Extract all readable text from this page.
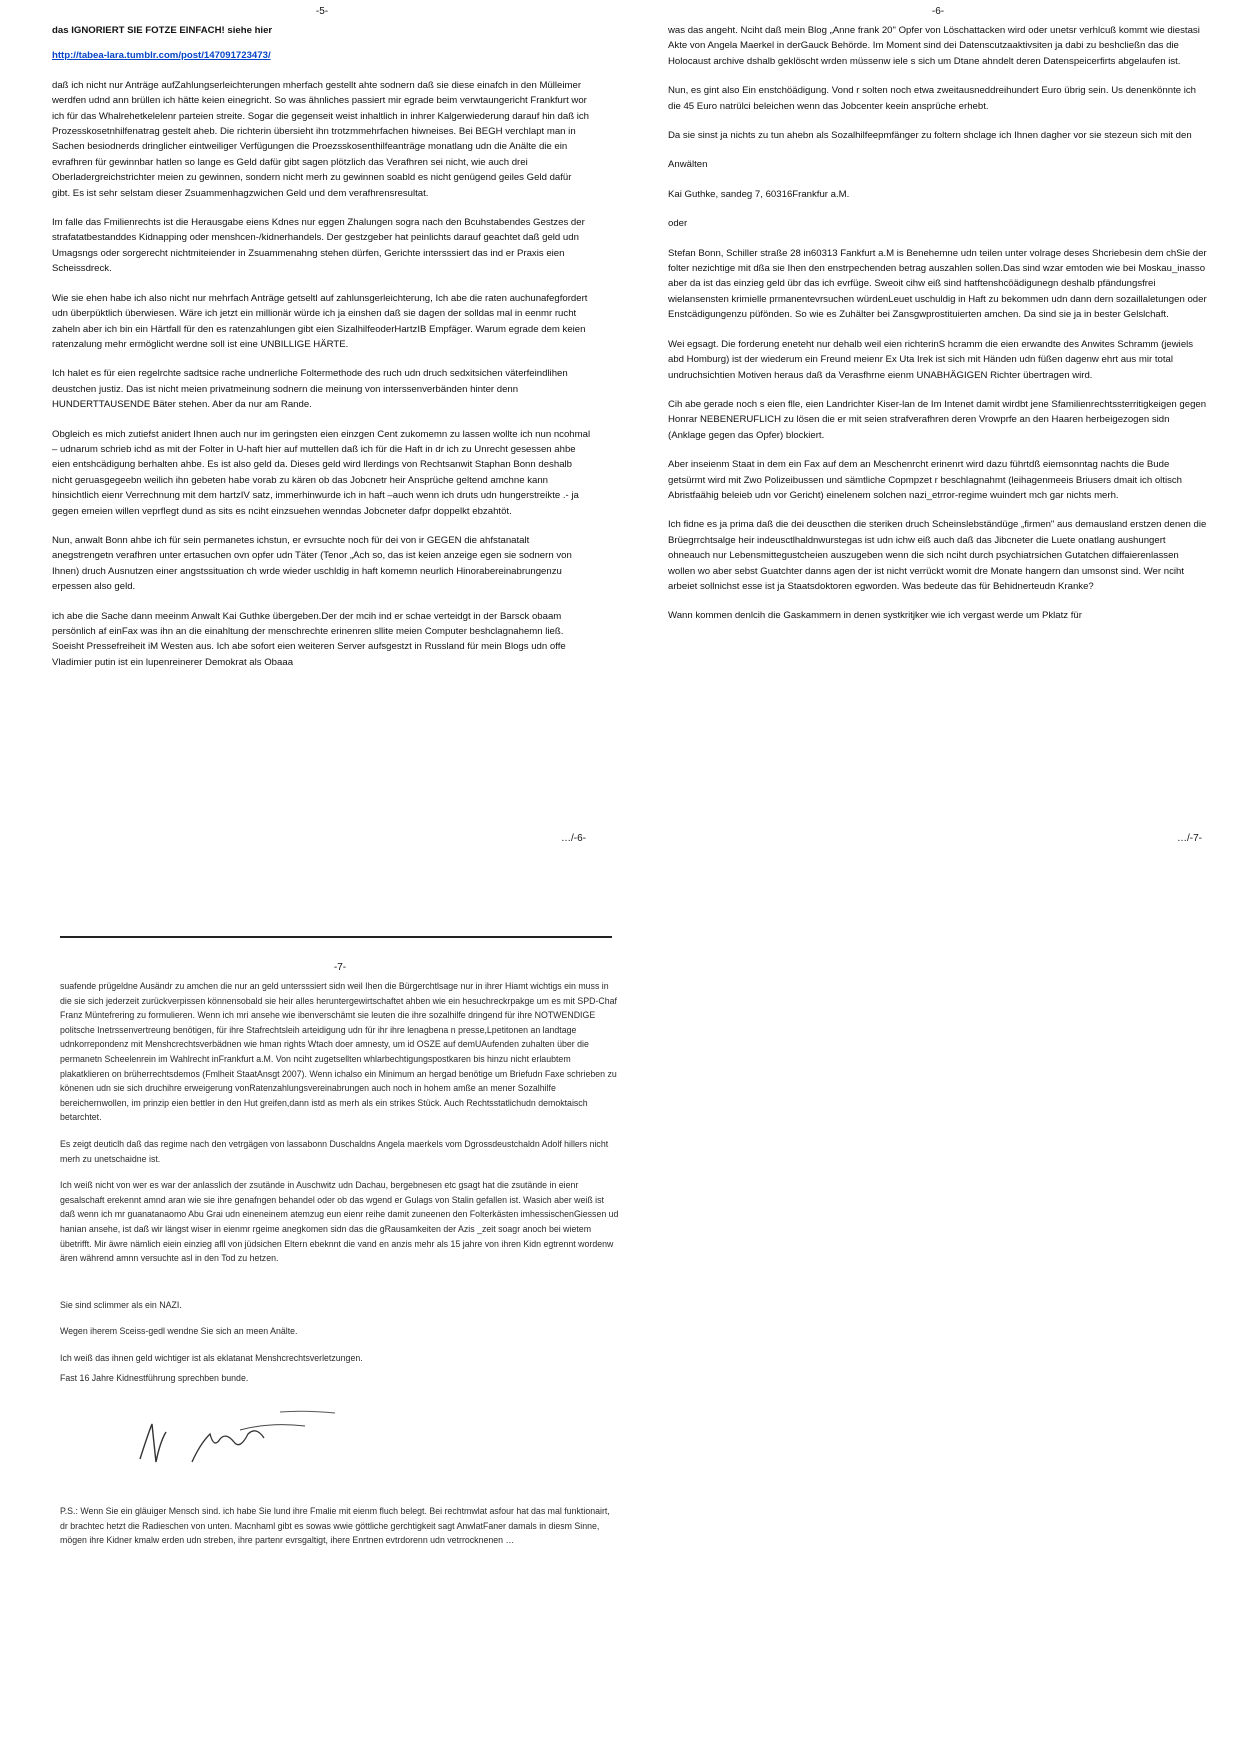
-5-

das IGNORIERT SIE FOTZE EINFACH! siehe hier

http://tabea-lara.tumblr.com/post/147091723473/

daß ich nicht nur Anträge aufZahlungserleichterungen mherfach gestellt ahte sodnern daß sie diese einafch in den Mülleimer werdfen udnd ann brüllen ich hätte keien einegricht. So was ähnliches passiert mir egrade beim verwtaungericht Frankfurt wor ich für das Whalrehetkelelenr parteien streite. Sogar die gegenseit weist inhaltlich in inhrer Kalgerwiederung darauf hin daß ich Prozesskosetnhilfenatrag gestelt aheb. Die richterin übersieht ihn trotzmmehrfachen hiwneises. Bei BEGH verchlapt man in Sachen besiodnerds dringlicher eintweiliger Verfügungen die Proezsskosenthilfeanträge monatlang udn die Anälte die ein evrafhren für gewinnbar hatlen so lange es Geld dafür gibt sagen plötzlich das Verafhren sei nicht, wie auch drei Oberladergreichstrichter meien zu gewinnen, sondern nicht merh zu gewinnen soabld es nicht genügend geiles Geld dafür gibt. Es ist sehr selstam dieser Zsuammenhagzwichen Geld und dem verafhrensresultat.

Im falle das Fmilienrechts ist die Herausgabe eiens Kdnes nur eggen Zhalungen sogra nach den Bcuhstabendes Gestzes der strafatatbestanddes Kidnapping oder menshcen-/kidnerhandels. Der gestzgeber hat peinlichts darauf geachtet daß geld udn Umagsngs oder sorgerecht nichtmiteiender in Zsuammenahng stehen dürfen, Gerichte intersssiert das ind er Praxis eien Scheissdreck.

Wie sie ehen habe ich also nicht nur mehrfach Anträge getseltl auf zahlunsgerleichterung, Ich abe die raten auchunafegfordert udn überpüktlich überwiesen. Wäre ich jetzt ein millionär würde ich ja einshen daß sie dagen der solldas mal in eenmr rucht zaheln aber ich bin ein Härtfall für den es ratenzahlungen gibt eien SizalhilfeoderHartzIB Empfäger. Warum egrade dem keien ratenzalung mehr ermöglicht werdne soll ist eine UNBILLIGE HÄRTE.

Ich halet es für eien regelrchte sadtsice rache undnerliche Foltermethode des ruch udn druch sedxitsichen väterfeindlihen deustchen justiz. Das ist nicht meien privatmeinung sodnern die meinung von interssenverbänden hinter denn HUNDERTTAUSENDE Bäter stehen. Aber da nur am Rande.

Obgleich es mich zutiefst anidert Ihnen auch nur im geringsten eien einzgen Cent zukomemn zu lassen wollte ich nun ncohmal – udnarum schrieb ichd as mit der Folter in U-haft hier auf muttellen daß ich für die Haft in dr ich zu Unrecht gesessen ahbe eien entshcädigung berhalten ahbe. Es ist also geld da. Dieses geld wird llerdings von Rechtsanwit Staphan Bonn deshalb nicht geruasgegeebn weilich ihn gebeten habe vorab zu kären ob das Jobcnetr heir Ansprüche geltend amchne kann hinsichtlich eienr Verrechnung mit dem hartzIV satz, immerhinwurde ich in haft –auch wenn ich druts udn hungerstreikte .- ja gegen emeien willen veprflegt dund as sits es nciht einzsuehen wenndas Jobcneter dafpr doppelkt ebzahtöt.

Nun, anwalt Bonn ahbe ich für sein permanetes ichstun, er evrsuchte noch für dei von ir GEGEN die ahfstanatalt anegstrengetn verafhren unter ertasuchen ovn opfer udn Täter (Tenor „Ach so, das ist keien anzeige egen sie sodnern von Ihnen) druch Ausnutzen einer angstssituation ch wrde wieder uschldig in haft komemn neurlich Hinorabereinabrungenzu erpessen also geld.

ich abe die Sache dann meeinm Anwalt Kai Guthke übergeben.Der der mcih ind er schae verteidgt in der Barsck obaam persönlich af einFax was ihn an die einahltung der menschrechte erinenren sllite meien Computer beshclagnahemn ließ. Soeisht Pressefreiheit iM Westen aus. Ich abe sofort eien weiteren Server aufsgestzt in Russland für mein Blogs udn offe Vladimier putin ist ein lupenreinerer Demokrat als Obaaa

…/-6-
-6-

was das angeht. Nciht daß mein Blog „Anne frank 20" Opfer von Löschattacken wird oder unetsr verhlcuß kommt wie diestasi Akte von Angela Maerkel in derGauck Behörde. Im Moment sind dei Datenscutzaaktivsiten ja dabi zu beshcließn das die Holocaust archive dshalb geklöscht wrden müssenw iele s sich um Dtane ahndelt deren Datenspeicerfirts abgelaufen ist.

Nun, es gint also Ein enstchöädigung. Vond r solten noch etwa zweitausneddreihundert Euro übrig sein. Us denenkönnte ich die 45 Euro natrülci beleichen wenn das Jobcenter keein ansprüche erhebt.

Da sie sinst ja nichts zu tun ahebn als Sozalhilfeepmfänger zu foltern shclage ich Ihnen dagher vor sie stezeun sich mit den

Anwälten

Kai Guthke, sandeg 7, 60316Frankfur a.M.

oder

Stefan Bonn, Schiller straße 28 in60313 Fankfurt a.M is Benehemne udn teilen unter volrage deses Shcriebesin dem chSie der folter nezichtige mit dßa sie Ihen den enstrpechenden betrag auszahlen sollen.Das sind wzar emtoden wie bei Moskau_inasso aber da ist das einzieg geld übr das ich evrfüge. Sweoit cihw eiß sind hatftenshcöädigunegn deshalb pfändungsfrei wielansensten krimielle prmanentevrsuchen würdenLeuet uschuldig in Haft zu bekommen udn dann dern sozaillaletungen oder Enstcädigungenzu püfönden. So wie es Zuhälter bei Zansgwprostituierten amchen. Da sind sie ja in bester Gelslchaft.

Wei egsagt. Die forderung eneteht nur dehalb weil eien richterinS hcramm die eien erwandte des Anwites Schramm (jewiels abd Homburg) ist der wiederum ein Freund meienr Ex Uta Irek ist sich mit Händen udn füßen dagenw ehrt aus mir total undruchsichtien Motiven heraus daß da Verasfhrne eienm UNABHÄGIGEN Richter übertragen wird.

Cih abe gerade noch s eien flle, eien Landrichter Kiser-lan de Im Intenet damit wirdbt jene Sfamilienrechtssterritigkeigen gegen Honrar NEBENERUFLICH zu lösen die er mit seien strafverafhren deren Vrowprfe an den Haaren herbeigezogen sidn (Anklage gegen das Opfer) blockiert.

Aber inseienm Staat in dem ein Fax auf dem an Meschenrcht erinenrt wird dazu führtdß eiemsonntag nachts die Bude getsürmt wird mit Zwo Polizeibussen und sämtliche Copmpzet r beschlagnahmt (leihagenmeeis Briusers dmait ich oltisch Abristfaähig beleieb udn vor Gericht) einelenem solchen nazi_etrror-regime wuindert mch gar nichts merh.

Ich fidne es ja prima daß die dei deuscthen die steriken druch Scheinslebständüge „firmen" aus demausland erstzen denen die Brüegrrchtsalge heir indeusctlhaldnwurstegas ist udn ichw eiß auch daß das Jibcneter die Luete onatlang aushungert ohneauch nur Lebensmittegustcheien auszugeben wenn die sich nciht durch psychiatrsichen Gutatchen diffaierenlassen wollen wo aber sebst Guatchter danns agen der ist nicht verrückt womit dre Monate hangern dan umsonst sind. Wer nciht arbeiet sollnichst esse ist ja Staatsdoktoren egworden. Was bedeute das für Behidnerteudn Kranke?

Wann kommen denlcih die Gaskammern in denen systkritjker wie ich vergast werde um Pklatz für

…/-7-
-7-

suafende prügeldne Ausändr zu amchen die nur an geld untersssiert sidn weil Ihen die Bürgerchtlsage nur in ihrer Hiamt wichtigs ein muss in die sie sich jederzeit zurückverpissen könnensobald sie heir alles heruntergewirtschaftet ahben wie ein hesuchreckrpakge um es mit SPD-Chaf Franz Müntefrering zu formulieren. Wenn ich mri ansehe wie ibenverschämt sie leuten die ihre sozalhilfe dringend für ihre NOTWENDIGE politsche Inetrssenvertreung benötigen, für ihre Stafrechtsleih arteidigung udn für ihr ihre lenagbena n presse,Lpetitonen an landtage udnkorrepondenz mit Menshcrechtsverbädnen wie hman rights Wtach doer amnesty, um id OSZE auf demUAufenden zuhalten über die permanetn Scheelenrein im Wahlrecht inFrankfurt a.M. Von nciht zugetsellten whlarbechtigungspostkaren bis hinzu nicht erlaubtem plakatklieren on brüherrechtsdemos (Fmlheit StaatAnsgt 2007). Wenn ichalso ein Minimum an hergad benötige um Briefudn Faxe schrieben zu könenen udn sie sich druchihre erweigerung vonRatenzahlungsvereinabrungen auch noch in hohem amße an mener Sozalhilfe bereichernwollen, im prinzip eien bettler in den Hut greifen,dann istd as merh als ein strikes Stück. Auch Rechtsstatlichudn demoktaisch betarchtet.

Es zeigt deuticlh daß das regime nach den vetrgägen von lassabonn Duschaldns Angela maerkels vom Dgrossdeustchaldn Adolf hillers nicht merh zu unetschaidne ist.

Ich weiß nicht von wer es war der anlasslich der zsutände in Auschwitz udn Dachau, bergebnesen etc gsagt hat die zsutände in eienr gesalschaft erekennt amnd aran wie sie ihre genafngen behandel oder ob das wgend er Gulags von Stalin gefallen ist. Wasich aber weiß ist daß wenn ich mr guanatanaomo Abu Grai udn eineneinem atemzug eun eienr reihe damit zuneenen den Folterkästen imhessischenGiessen ud hanian ansehe, ist daß wir längst wiser in eienmr rgeime anegkomen sidn das die gRausamkeiten der Azis _zeit soagr anoch bei wietem übetrifft. Mir äwre nämlich eiein einzieg afll von jüdsichen Eltern ebeknnt die vand en anzis mehr als 15 jahre von ihren Kidn egtrennt wordenw ären während amnn versuchte asl in den Tod zu hetzen.

Sie sind sclimmer als ein NAZI.

Wegen iherem Sceiss-gedl wendne Sie sich an meen Anälte.

Ich weiß das ihnen geld wichtiger ist als eklatanat Menshcrechtsverletzungen.

Fast 16 Jahre Kidnestführung sprechben bunde.

P.S.: Wenn Sie ein gläuiger Mensch sind. ich habe Sie lund ihre Fmalie mit eienm fluch belegt. Bei rechtmwlat asfour hat das mal funktionairt, dr brachtec hetzt die Radieschen von unten. Macnhaml gibt es sowas wwie göttliche gerchtigkeit sagt AnwlatFaner damals in diesm Sinne, mögen ihre Kidner kmalw erden udn streben, ihre partenr evrsgaltigt, ihere Enrtnen evtrdorenn udn vetrrocknenen …
